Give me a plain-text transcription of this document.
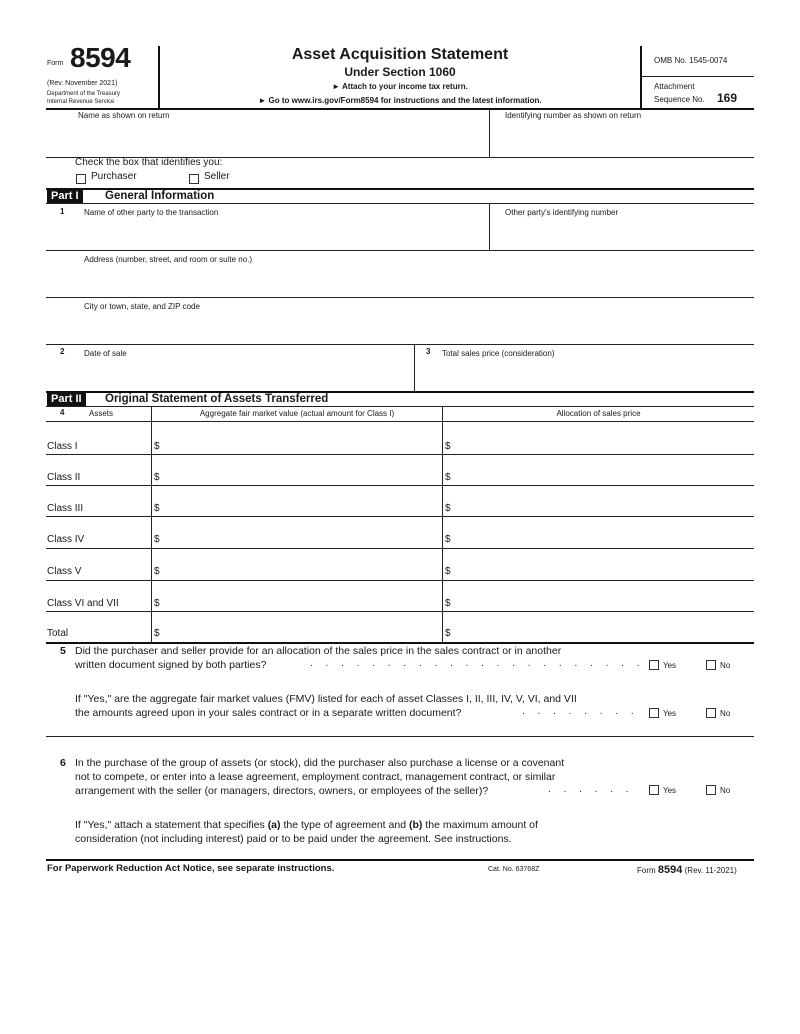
Form 8594
(Rev. November 2021)
Department of the Treasury
Internal Revenue Service
Asset Acquisition Statement
Under Section 1060
► Attach to your income tax return.
► Go to www.irs.gov/Form8594 for instructions and the latest information.
OMB No. 1545-0074
Attachment
Sequence No. 169
Name as shown on return	Identifying number as shown on return
Check the box that identifies you:
Purchaser	Seller
Part I	General Information
1 Name of other party to the transaction	Other party's identifying number
Address (number, street, and room or suite no.)
City or town, state, and ZIP code
2 Date of sale	3 Total sales price (consideration)
Part II	Original Statement of Assets Transferred
4	Assets	Aggregate fair market value (actual amount for Class I)	Allocation of sales price
Class I	$	$
Class II	$	$
Class III	$	$
Class IV	$	$
Class V	$	$
Class VI and VII	$	$
Total	$	$
5 Did the purchaser and seller provide for an allocation of the sales price in the sales contract or in another
written document signed by both parties?	. . . . . . . . . . . . . . . . . . . . . . Yes	No
If "Yes," are the aggregate fair market values (FMV) listed for each of asset Classes I, II, III, IV, V, VI, and VII
the amounts agreed upon in your sales contract or in a separate written document?	. . . . . . . .	Yes	No
6 In the purchase of the group of assets (or stock), did the purchaser also purchase a license or a covenant
not to compete, or enter into a lease agreement, employment contract, management contract, or similar
arrangement with the seller (or managers, directors, owners, or employees of the seller)?	. . . . . .	Yes	No
If "Yes," attach a statement that specifies (a) the type of agreement and (b) the maximum amount of
consideration (not including interest) paid or to be paid under the agreement. See instructions.
For Paperwork Reduction Act Notice, see separate instructions.	Cat. No. 63768Z	Form 8594 (Rev. 11-2021)
